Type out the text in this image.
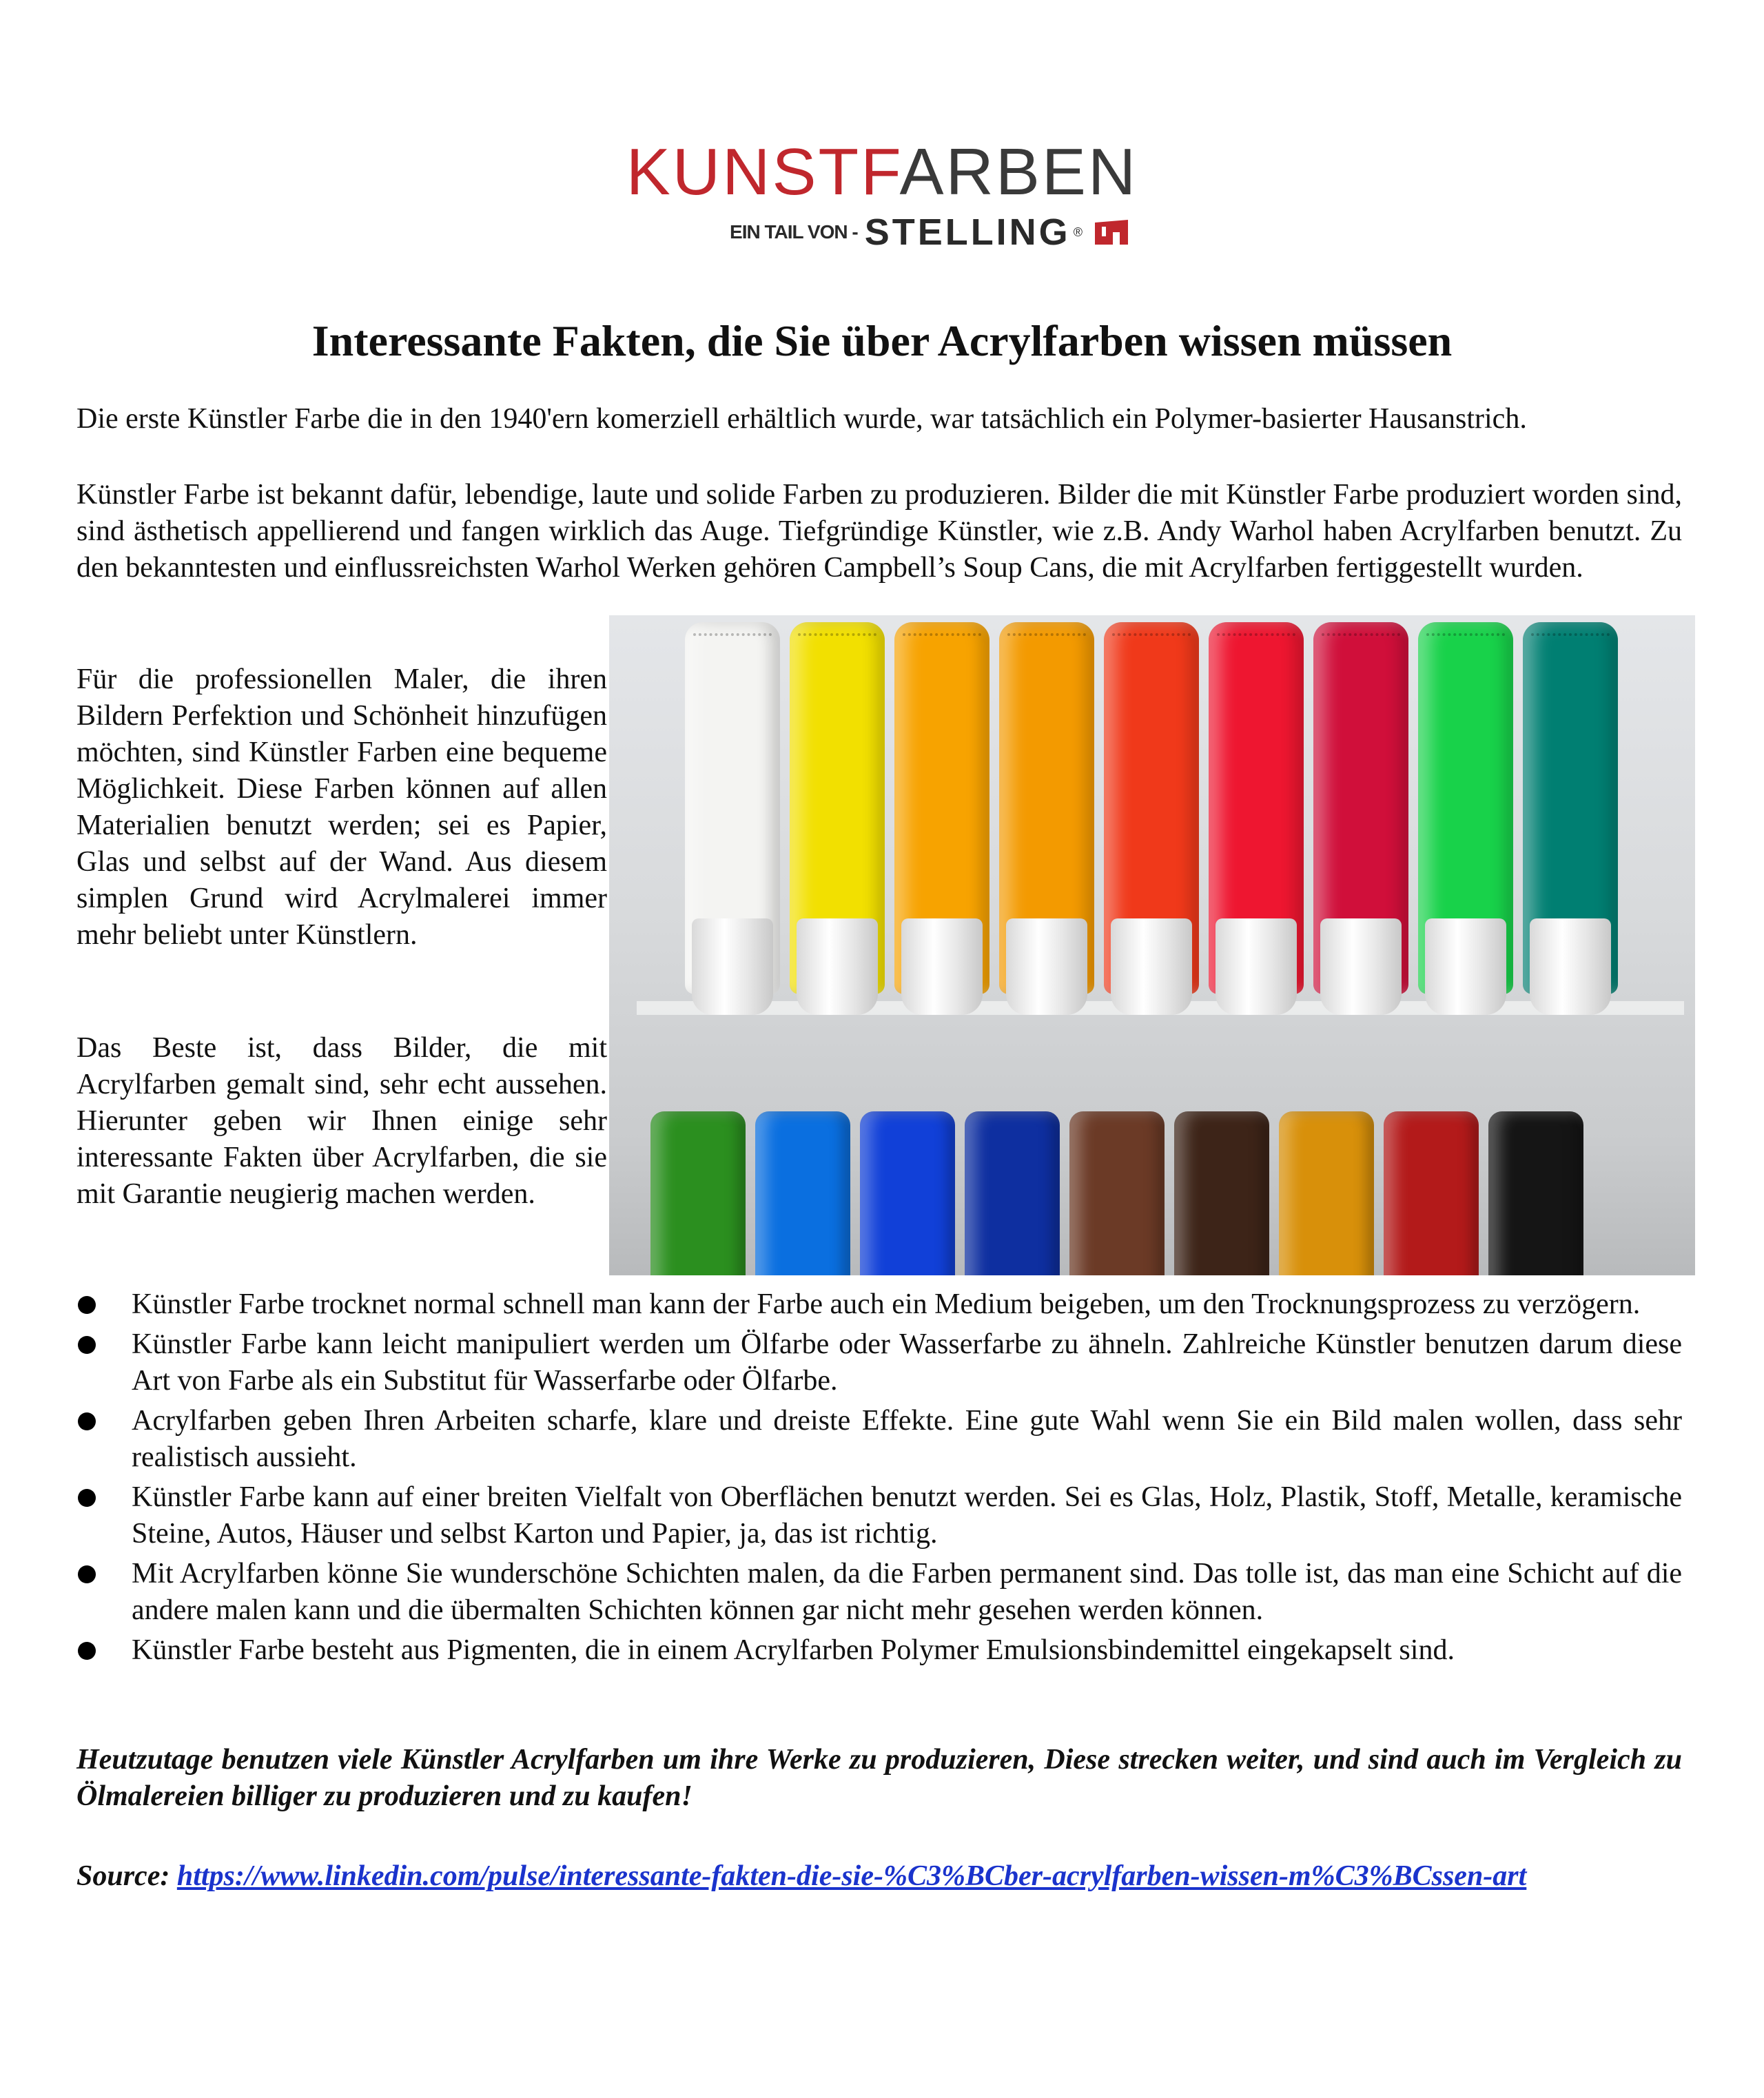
KUNSTFARBEN
EIN TAIL VON - STELLING ®
Interessante Fakten, die Sie über Acrylfarben wissen müssen

Die erste Künstler Farbe die in den 1940'ern komerziell erhältlich wurde, war tatsächlich ein Polymer-basierter Hausanstrich.

Künstler Farbe ist bekannt dafür, lebendige, laute und solide Farben zu produzieren. Bilder die mit Künstler Farbe produziert worden sind, sind ästhetisch appellierend und fangen wirklich das Auge. Tiefgründige Künstler, wie z.B. Andy Warhol haben Acrylfarben benutzt. Zu den bekanntesten und einflussreichsten Warhol Werken gehören Campbell’s Soup Cans, die mit Acrylfarben fertiggestellt wurden.

Für die professionellen Maler, die ihren Bildern Perfektion und Schönheit hinzufügen möchten, sind Künstler Farben eine bequeme Möglichkeit. Diese Farben können auf allen Materialien benutzt werden; sei es Papier, Glas und selbst auf der Wand. Aus diesem simplen Grund wird Acrylmalerei immer mehr beliebt unter Künstlern.

Das Beste ist, dass Bilder, die mit Acrylfarben gemalt sind, sehr echt aussehen. Hierunter geben wir Ihnen einige sehr interessante Fakten über Acrylfarben, die sie mit Garantie neugierig machen werden.

Künstler Farbe trocknet normal schnell man kann der Farbe auch ein Medium beigeben, um den Trocknungsprozess zu verzögern.
Künstler Farbe kann leicht manipuliert werden um Ölfarbe oder Wasserfarbe zu ähneln. Zahlreiche Künstler benutzen darum diese Art von Farbe als ein Substitut für Wasserfarbe oder Ölfarbe.
Acrylfarben geben Ihren Arbeiten scharfe, klare und dreiste Effekte. Eine gute Wahl wenn Sie ein Bild malen wollen, dass sehr realistisch aussieht.
Künstler Farbe kann auf einer breiten Vielfalt von Oberflächen benutzt werden. Sei es Glas, Holz, Plastik, Stoff, Metalle, keramische Steine, Autos, Häuser und selbst Karton und Papier, ja, das ist richtig.
Mit Acrylfarben könne Sie wunderschöne Schichten malen, da die Farben permanent sind. Das tolle ist, das man eine Schicht auf die andere malen kann und die übermalten Schichten können gar nicht mehr gesehen werden können.
Künstler Farbe besteht aus Pigmenten, die in einem Acrylfarben Polymer Emulsionsbindemittel eingekapselt sind.

Heutzutage benutzen viele Künstler Acrylfarben um ihre Werke zu produzieren, Diese strecken weiter, und sind auch im Vergleich zu Ölmalereien billiger zu produzieren und zu kaufen!

Source: https://www.linkedin.com/pulse/interessante-fakten-die-sie-%C3%BCber-acrylfarben-wissen-m%C3%BCssen-art
